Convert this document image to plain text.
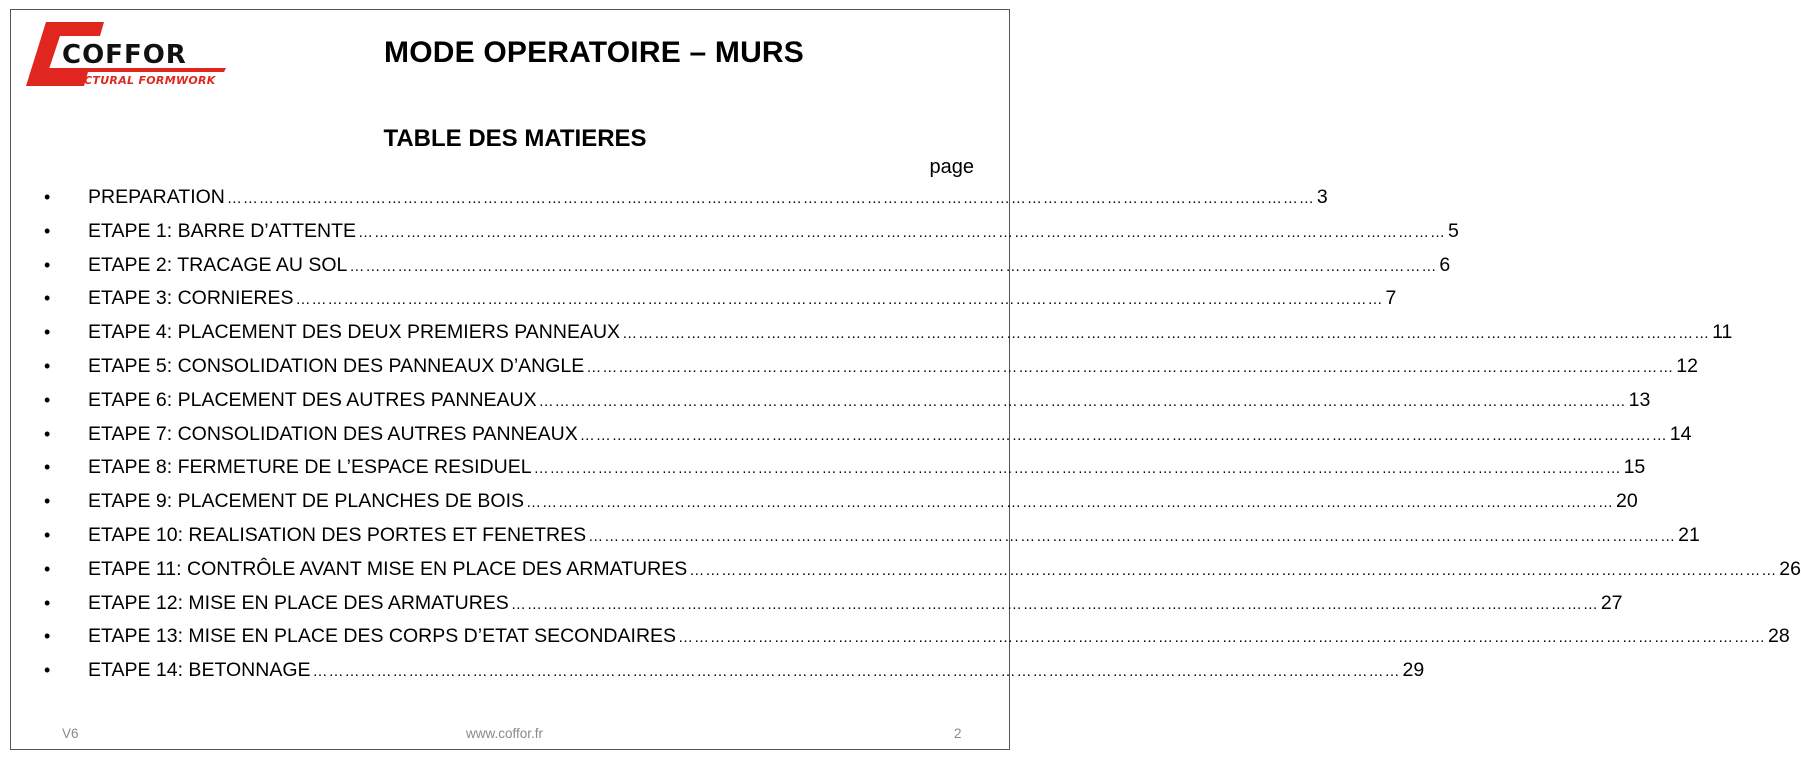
COFFOR
STRUCTURAL FORMWORK
MODE OPERATOIRE – MURS
TABLE DES MATIERES
page
•	PREPARATION …………………………………………………………………………………………………………………………………………………………………………………… 3
•	ETAPE 1: BARRE D’ATTENTE …………………………………………………………………………………………………………………………………………………………………………………… 5
•	ETAPE 2: TRACAGE AU SOL …………………………………………………………………………………………………………………………………………………………………………………… 6
•	ETAPE 3: CORNIERES …………………………………………………………………………………………………………………………………………………………………………………… 7
•	ETAPE 4: PLACEMENT DES DEUX PREMIERS PANNEAUX …………………………………………………………………………………………………………………………………………………………………………………… 11
•	ETAPE 5: CONSOLIDATION DES PANNEAUX D’ANGLE …………………………………………………………………………………………………………………………………………………………………………………… 12
•	ETAPE 6: PLACEMENT DES AUTRES PANNEAUX …………………………………………………………………………………………………………………………………………………………………………………… 13
•	ETAPE 7: CONSOLIDATION DES AUTRES PANNEAUX …………………………………………………………………………………………………………………………………………………………………………………… 14
•	ETAPE 8: FERMETURE DE L’ESPACE RESIDUEL …………………………………………………………………………………………………………………………………………………………………………………… 15
•	ETAPE 9: PLACEMENT DE PLANCHES DE BOIS …………………………………………………………………………………………………………………………………………………………………………………… 20
•	ETAPE 10: REALISATION DES PORTES ET FENETRES …………………………………………………………………………………………………………………………………………………………………………………… 21
•	ETAPE 11: CONTRÔLE AVANT MISE EN PLACE DES ARMATURES …………………………………………………………………………………………………………………………………………………………………………………… 26
•	ETAPE 12: MISE EN PLACE DES ARMATURES …………………………………………………………………………………………………………………………………………………………………………………… 27
•	ETAPE 13: MISE EN PLACE DES CORPS D’ETAT SECONDAIRES …………………………………………………………………………………………………………………………………………………………………………………… 28
•	ETAPE 14: BETONNAGE …………………………………………………………………………………………………………………………………………………………………………………… 29
V6	www.coffor.fr	2
